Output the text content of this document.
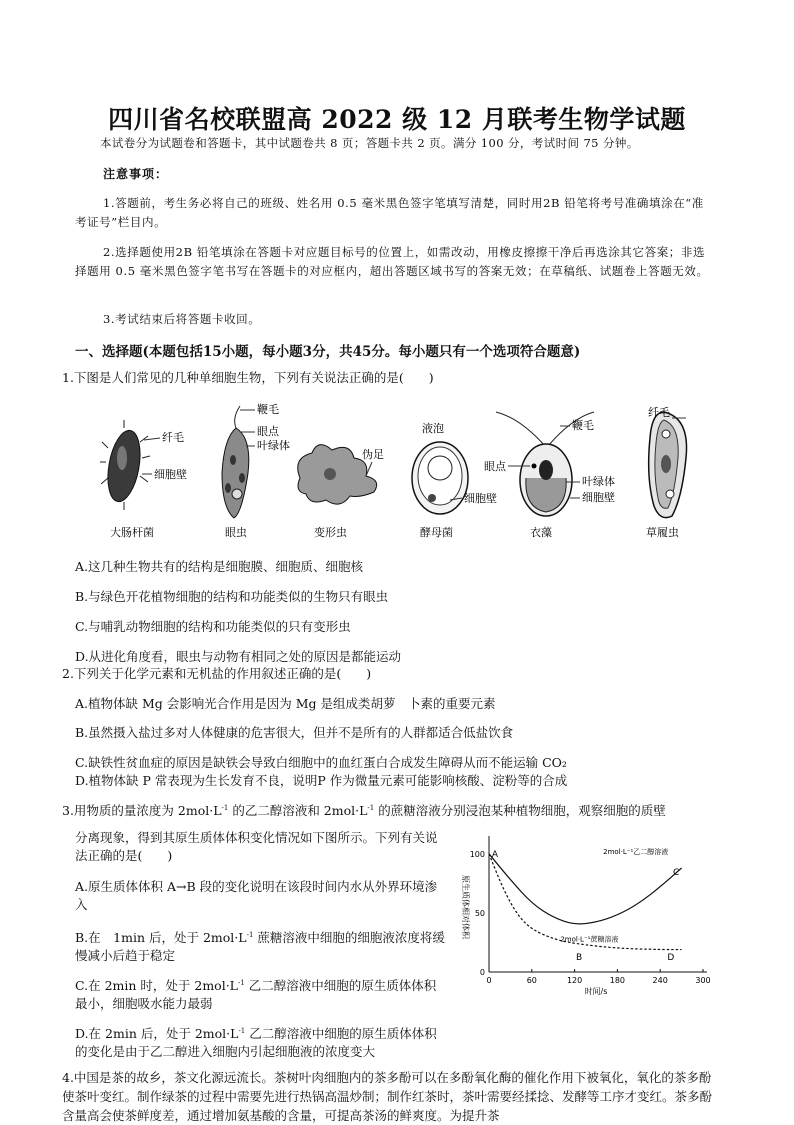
四川省名校联盟高 2022 级 12 月联考生物学试题
本试卷分为试题卷和答题卡，其中试题卷共 8 页；答题卡共 2 页。满分 100 分，考试时间 75 分钟。
注意事项：
1.答题前，考生务必将自己的班级、姓名用 0.5 毫米黑色签字笔填写清楚，同时用2B 铅笔将考号准确填涂在“准考证号”栏目内。
2.选择题使用2B 铅笔填涂在答题卡对应题目标号的位置上，如需改动，用橡皮擦擦干净后再选涂其它答案；非选择题用 0.5 毫米黑色签字笔书写在答题卡的对应框内，超出答题区域书写的答案无效；在草稿纸、试题卷上答题无效。
3.考试结束后将答题卡收回。
一、选择题(本题包括15小题，每小题3分，共45分。每小题只有一个选项符合题意)
1.下图是人们常见的几种单细胞生物，下列有关说法正确的是(　　)
纤毛
细胞壁
大肠杆菌
鞭毛
眼点
叶绿体
眼虫
伪足
变形虫
液泡
细胞壁
酵母菌
鞭毛
眼点
叶绿体
细胞壁
衣藻
纤毛
草履虫
A.这几种生物共有的结构是细胞膜、细胞质、细胞核
B.与绿色开花植物细胞的结构和功能类似的生物只有眼虫
C.与哺乳动物细胞的结构和功能类似的只有变形虫
D.从进化角度看，眼虫与动物有相同之处的原因是都能运动
2.下列关于化学元素和无机盐的作用叙述正确的是(　　)
A.植物体缺 Mg 会影响光合作用是因为 Mg 是组成类胡萝　卜素的重要元素
B.虽然摄入盐过多对人体健康的危害很大，但并不是所有的人群都适合低盐饮食
C.缺铁性贫血症的原因是缺铁会导致白细胞中的血红蛋白合成发生障碍从而不能运输 CO₂
D.植物体缺 P 常表现为生长发育不良，说明P 作为微量元素可能影响核酸、淀粉等的合成
3.用物质的量浓度为 $2mol\cdot L^{-1}$ 的乙二醇溶液和 $2mol\cdot L^{-1}$ 的蔗糖溶液分别浸泡某种植物细胞，观察细胞的质壁
分离现象，得到其原生质体体积变化情况如下图所示。下列有关说法正确的是(　　)
A.原生质体体积 A→B 段的变化说明在该段时间内水从外界环境渗入
B.在　1min 后，处于 $2mol\cdot L^{-1}$ 蔗糖溶液中细胞的细胞液浓度将缓慢减小后趋于稳定
C.在 2min 时，处于 $2mol\cdot L^{-1}$ 乙二醇溶液中细胞的原生质体体积最小，细胞吸水能力最弱
D.在 2min 后，处于 $2mol\cdot L^{-1}$ 乙二醇溶液中细胞的原生质体体积的变化是由于乙二醇进入细胞内引起细胞液的浓度变大
0	60	120	180	240	300
0
50
100
时间/s
原生质体相对体积
2mol·L⁻¹乙二醇溶液
2mol·L⁻¹蔗糖溶液
A
B
C
D
4.中国是茶的故乡，茶文化源远流长。茶树叶肉细胞内的茶多酚可以在多酚氧化酶的催化作用下被氧化，氧化的茶多酚使茶叶变红。制作绿茶的过程中需要先进行热锅高温炒制；制作红茶时，茶叶需要经揉捻、发酵等工序才变红。茶多酚含量高会使茶鲜度差，通过增加氨基酸的含量，可提高茶汤的鲜爽度。为提升茶
